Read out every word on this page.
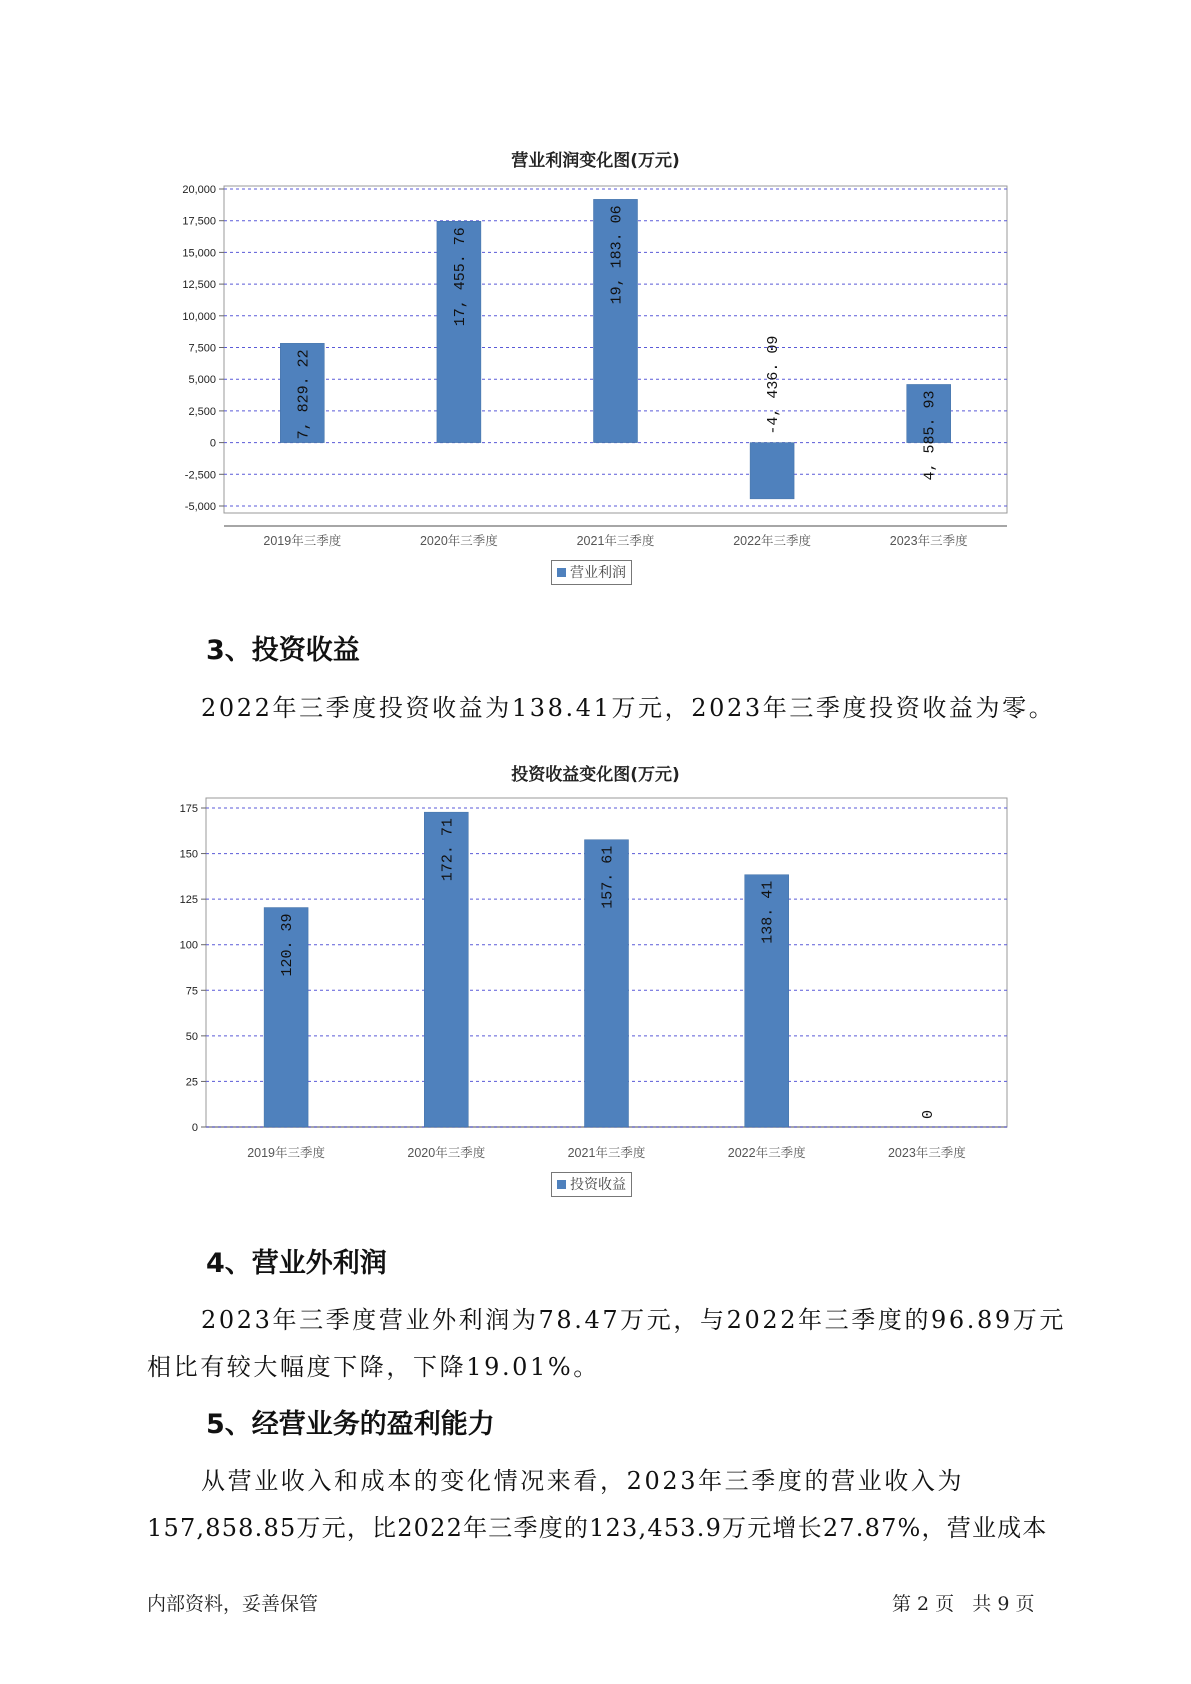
营业利润变化图(万元)
20,000
17,500
15,000
12,500
10,000
7,500
5,000
2,500
0
-2,500
-5,000
7, 829. 22
2019年三季度
17, 455. 76
2020年三季度
19, 183. 06
2021年三季度
-4, 436. 09
2022年三季度
4, 585. 93
2023年三季度
营业利润
3、投资收益
2022年三季度投资收益为138.41万元，2023年三季度投资收益为零。
投资收益变化图(万元)
175
150
125
100
75
50
25
0
120. 39
2019年三季度
172. 71
2020年三季度
157. 61
2021年三季度
138. 41
2022年三季度
0
2023年三季度
投资收益
4、营业外利润
2023年三季度营业外利润为78.47万元，与2022年三季度的96.89万元
相比有较大幅度下降，下降19.01%。
5、经营业务的盈利能力
从营业收入和成本的变化情况来看，2023年三季度的营业收入为
157,858.85万元，比2022年三季度的123,453.9万元增长27.87%，营业成本
内部资料，妥善保管	第 2 页   共 9 页
